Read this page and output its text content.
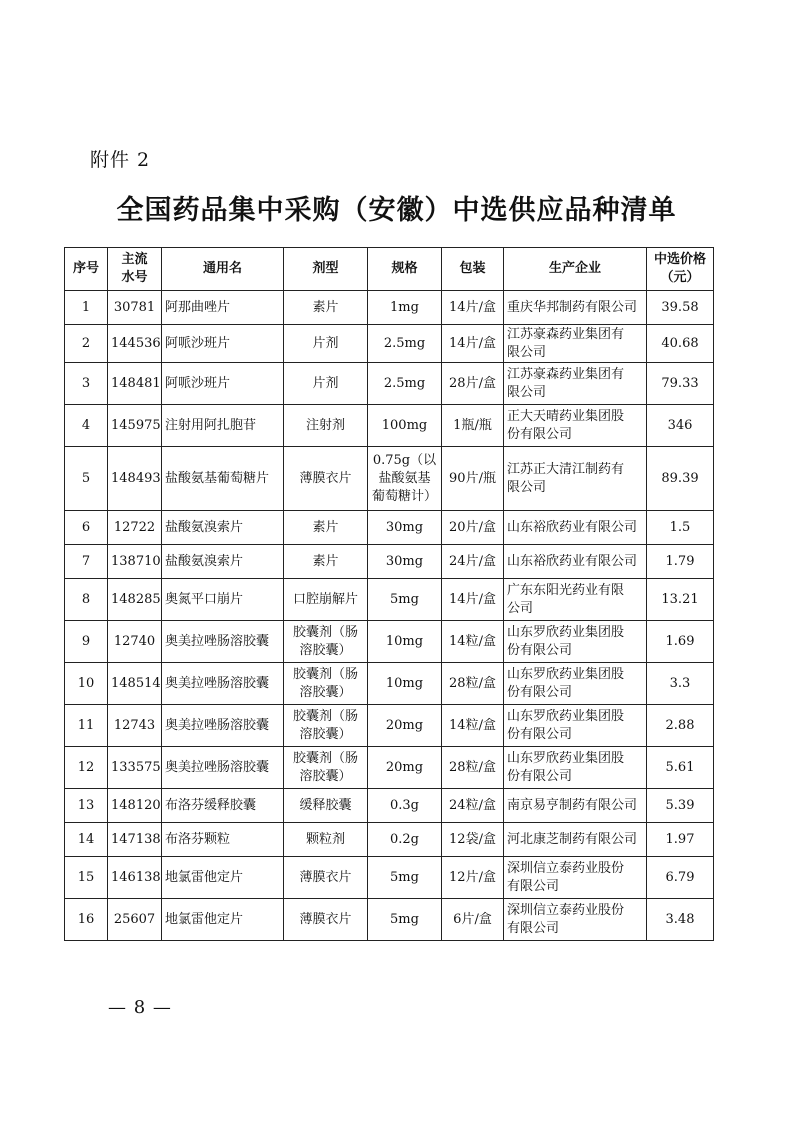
附件 2
全国药品集中采购（安徽）中选供应品种清单
序号	主流
水号	通用名	剂型	规格	包装	生产企业	中选价格
（元）

1	30781	阿那曲唑片	素片	1mg	14片/盒	重庆华邦制药有限公司	39.58

2	144536	阿哌沙班片	片剂	2.5mg	14片/盒	江苏豪森药业集团有
限公司	40.68

3	148481	阿哌沙班片	片剂	2.5mg	28片/盒	江苏豪森药业集团有
限公司	79.33

4	145975	注射用阿扎胞苷	注射剂	100mg	1瓶/瓶	正大天晴药业集团股
份有限公司	346

5	148493	盐酸氨基葡萄糖片	薄膜衣片	0.75g（以
盐酸氨基
葡萄糖计）	90片/瓶	江苏正大清江制药有
限公司	89.39

6	12722	盐酸氨溴索片	素片	30mg	20片/盒	山东裕欣药业有限公司	1.5

7	138710	盐酸氨溴索片	素片	30mg	24片/盒	山东裕欣药业有限公司	1.79

8	148285	奥氮平口崩片	口腔崩解片	5mg	14片/盒	广东东阳光药业有限
公司	13.21

9	12740	奥美拉唑肠溶胶囊	胶囊剂（肠
溶胶囊）	10mg	14粒/盒	山东罗欣药业集团股
份有限公司	1.69

10	148514	奥美拉唑肠溶胶囊	胶囊剂（肠
溶胶囊）	10mg	28粒/盒	山东罗欣药业集团股
份有限公司	3.3

11	12743	奥美拉唑肠溶胶囊	胶囊剂（肠
溶胶囊）	20mg	14粒/盒	山东罗欣药业集团股
份有限公司	2.88

12	133575	奥美拉唑肠溶胶囊	胶囊剂（肠
溶胶囊）	20mg	28粒/盒	山东罗欣药业集团股
份有限公司	5.61

13	148120	布洛芬缓释胶囊	缓释胶囊	0.3g	24粒/盒	南京易亨制药有限公司	5.39

14	147138	布洛芬颗粒	颗粒剂	0.2g	12袋/盒	河北康芝制药有限公司	1.97

15	146138	地氯雷他定片	薄膜衣片	5mg	12片/盒	深圳信立泰药业股份
有限公司	6.79

16	25607	地氯雷他定片	薄膜衣片	5mg	6片/盒	深圳信立泰药业股份
有限公司	3.48
— 8 —
